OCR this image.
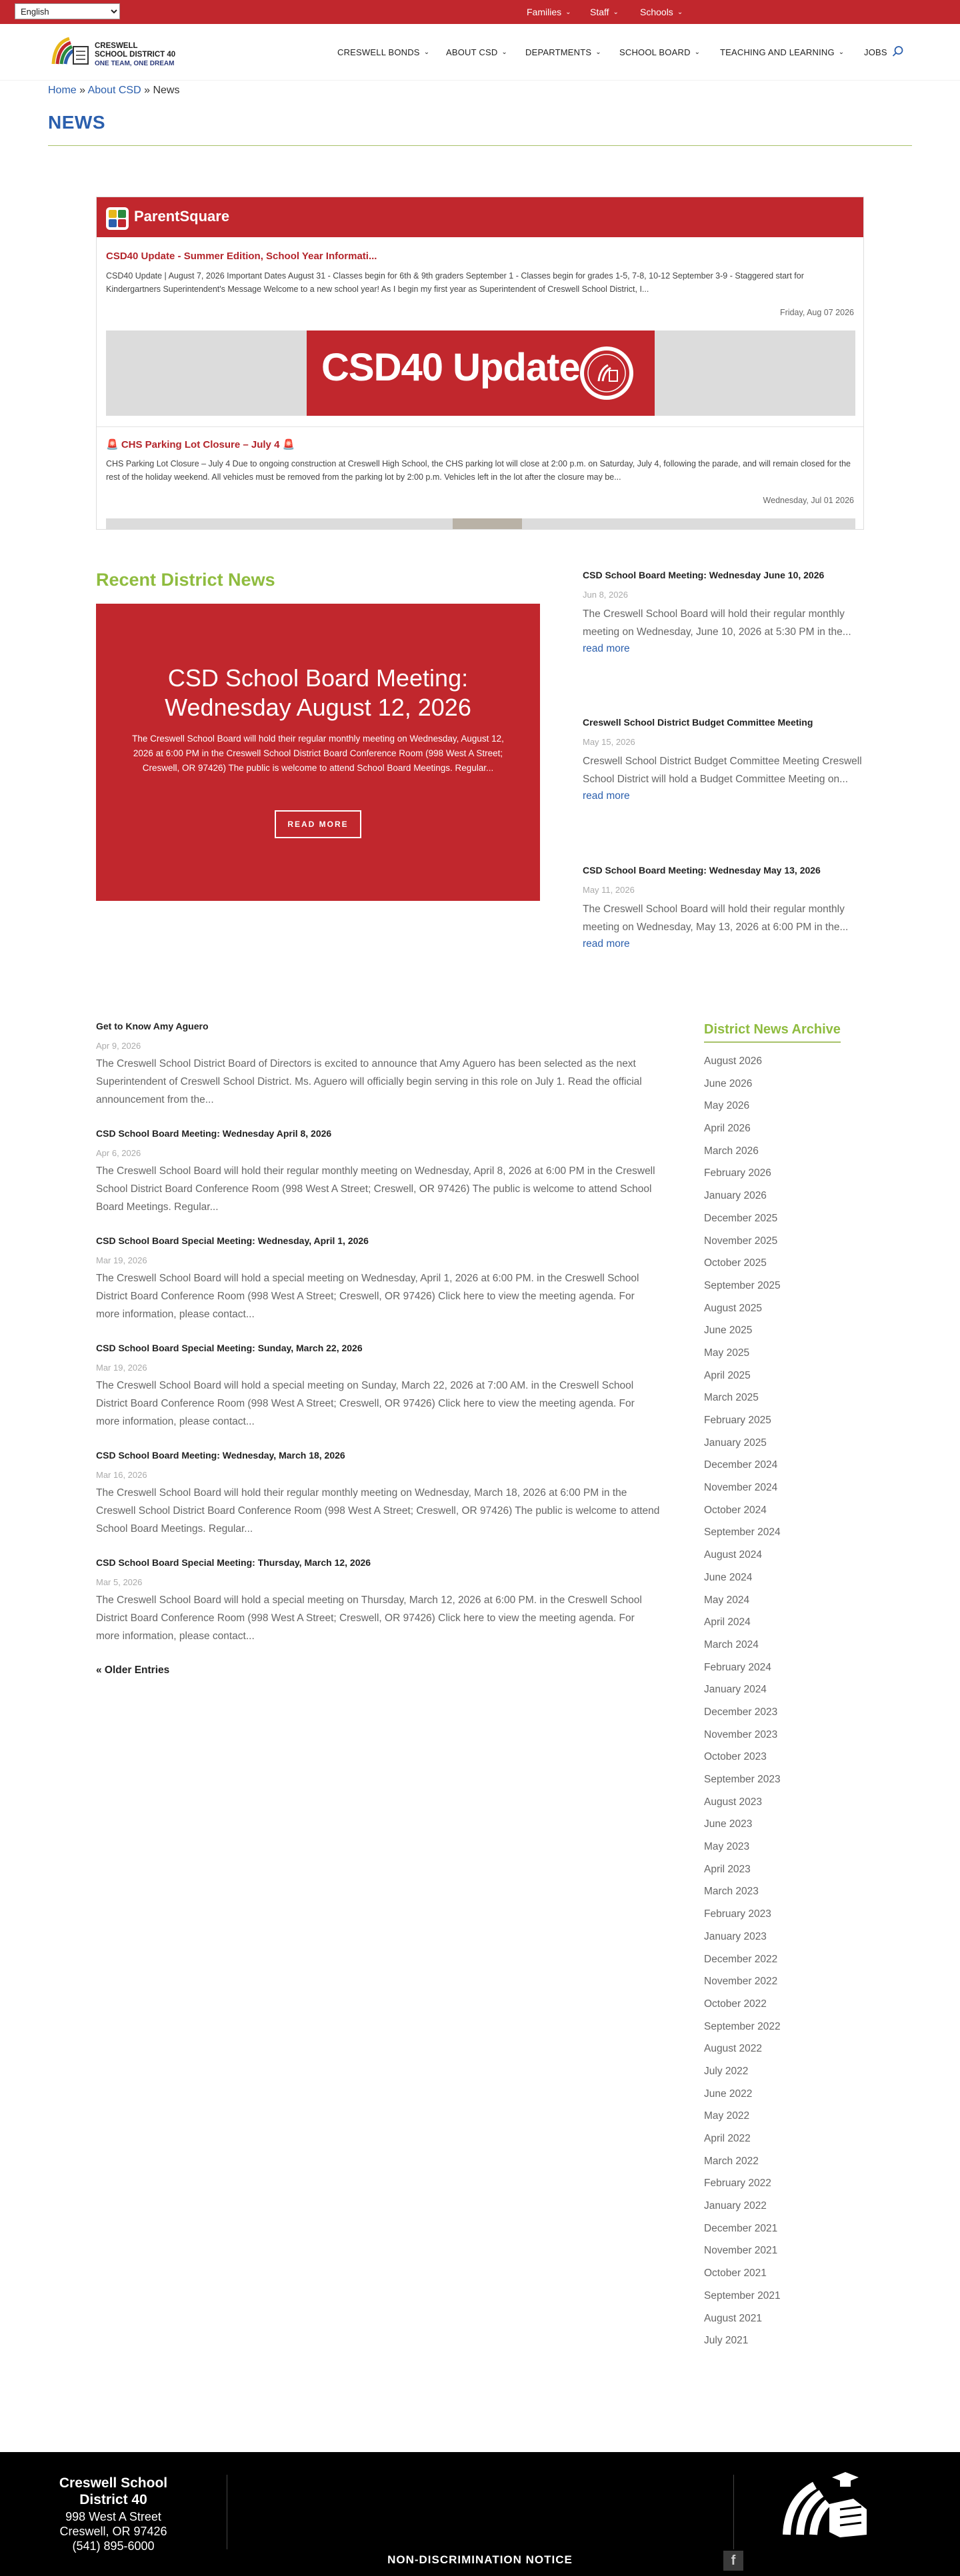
English
Families ⌄ Staff ⌄ Schools ⌄
CRESWELL
SCHOOL DISTRICT 40
ONE TEAM, ONE DREAM
CRESWELL BONDS ⌄ ABOUT CSD ⌄ DEPARTMENTS ⌄ SCHOOL BOARD ⌄ TEACHING AND LEARNING ⌄ JOBS
Home » About CSD » News
NEWS
ParentSquare
CSD40 Update - Summer Edition, School Year Informati...
CSD40 Update | August 7, 2026 Important Dates August 31 - Classes begin for 6th & 9th graders September 1 - Classes begin for grades 1-5, 7-8, 10-12 September 3-9 - Staggered start for Kindergartners Superintendent's Message Welcome to a new school year! As I begin my first year as Superintendent of Creswell School District, I...
Friday, Aug 07 2026
CSD40 Update
🚨 CHS Parking Lot Closure – July 4 🚨
CHS Parking Lot Closure – July 4 Due to ongoing construction at Creswell High School, the CHS parking lot will close at 2:00 p.m. on Saturday, July 4, following the parade, and will remain closed for the rest of the holiday weekend. All vehicles must be removed from the parking lot by 2:00 p.m. Vehicles left in the lot after the closure may be...
Wednesday, Jul 01 2026
Recent District News
CSD School Board Meeting: Wednesday August 12, 2026
The Creswell School Board will hold their regular monthly meeting on Wednesday, August 12, 2026 at 6:00 PM in the Creswell School District Board Conference Room (998 West A Street; Creswell, OR 97426) The public is welcome to attend School Board Meetings. Regular...
READ MORE
CSD School Board Meeting: Wednesday June 10, 2026
Jun 8, 2026
The Creswell School Board will hold their regular monthly meeting on Wednesday, June 10, 2026 at 5:30 PM in the...
read more
Creswell School District Budget Committee Meeting
May 15, 2026
Creswell School District Budget Committee Meeting Creswell School District will hold a Budget Committee Meeting on...
read more
CSD School Board Meeting: Wednesday May 13, 2026
May 11, 2026
The Creswell School Board will hold their regular monthly meeting on Wednesday, May 13, 2026 at 6:00 PM in the...
read more
Get to Know Amy Aguero
Apr 9, 2026
The Creswell School District Board of Directors is excited to announce that Amy Aguero has been selected as the next Superintendent of Creswell School District. Ms. Aguero will officially begin serving in this role on July 1. Read the official announcement from the...
CSD School Board Meeting: Wednesday April 8, 2026
Apr 6, 2026
The Creswell School Board will hold their regular monthly meeting on Wednesday, April 8, 2026 at 6:00 PM in the Creswell School District Board Conference Room (998 West A Street; Creswell, OR 97426) The public is welcome to attend School Board Meetings. Regular...
CSD School Board Special Meeting: Wednesday, April 1, 2026
Mar 19, 2026
The Creswell School Board will hold a special meeting on Wednesday, April 1, 2026 at 6:00 PM. in the Creswell School District Board Conference Room (998 West A Street; Creswell, OR 97426) Click here to view the meeting agenda. For more information, please contact...
CSD School Board Special Meeting: Sunday, March 22, 2026
Mar 19, 2026
The Creswell School Board will hold a special meeting on Sunday, March 22, 2026 at 7:00 AM. in the Creswell School District Board Conference Room (998 West A Street; Creswell, OR 97426) Click here to view the meeting agenda. For more information, please contact...
CSD School Board Meeting: Wednesday, March 18, 2026
Mar 16, 2026
The Creswell School Board will hold their regular monthly meeting on Wednesday, March 18, 2026 at 6:00 PM in the Creswell School District Board Conference Room (998 West A Street; Creswell, OR 97426) The public is welcome to attend School Board Meetings. Regular...
CSD School Board Special Meeting: Thursday, March 12, 2026
Mar 5, 2026
The Creswell School Board will hold a special meeting on Thursday, March 12, 2026 at 6:00 PM. in the Creswell School District Board Conference Room (998 West A Street; Creswell, OR 97426) Click here to view the meeting agenda. For more information, please contact...
« Older Entries
District News Archive
August 2026
June 2026
May 2026
April 2026
March 2026
February 2026
January 2026
December 2025
November 2025
October 2025
September 2025
August 2025
June 2025
May 2025
April 2025
March 2025
February 2025
January 2025
December 2024
November 2024
October 2024
September 2024
August 2024
June 2024
May 2024
April 2024
March 2024
February 2024
January 2024
December 2023
November 2023
October 2023
September 2023
August 2023
June 2023
May 2023
April 2023
March 2023
February 2023
January 2023
December 2022
November 2022
October 2022
September 2022
August 2022
July 2022
June 2022
May 2022
April 2022
March 2022
February 2022
January 2022
December 2021
November 2021
October 2021
September 2021
August 2021
July 2021
Creswell School District 40
998 West A Street
Creswell, OR 97426
(541) 895-6000
NON-DISCRIMINATION NOTICE	f
